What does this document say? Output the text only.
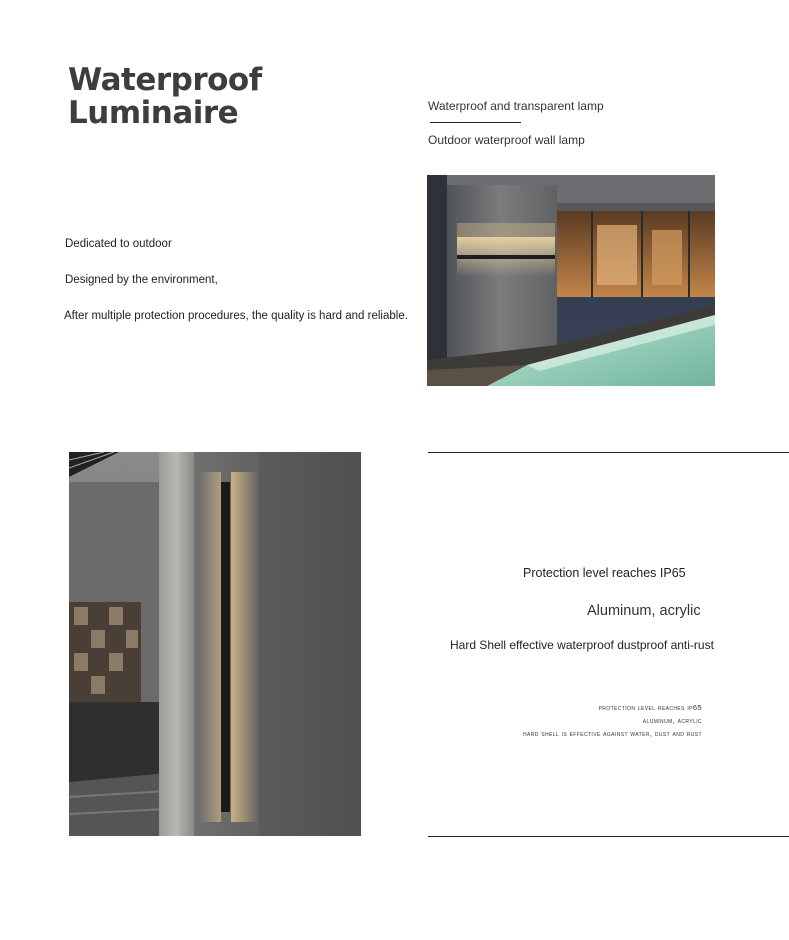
Waterproof
Luminaire	Waterproof and transparent lamp
Outdoor waterproof wall lamp
Dedicated to outdoor
Designed by the environment,
After multiple protection procedures, the quality is hard and reliable.
Protection level reaches IP65
Aluminum, acrylic
Hard Shell effective waterproof dustproof anti-rust
protection level reaches ip65
aluminum, acrylic
hard shell is effective against water, dust and rust
